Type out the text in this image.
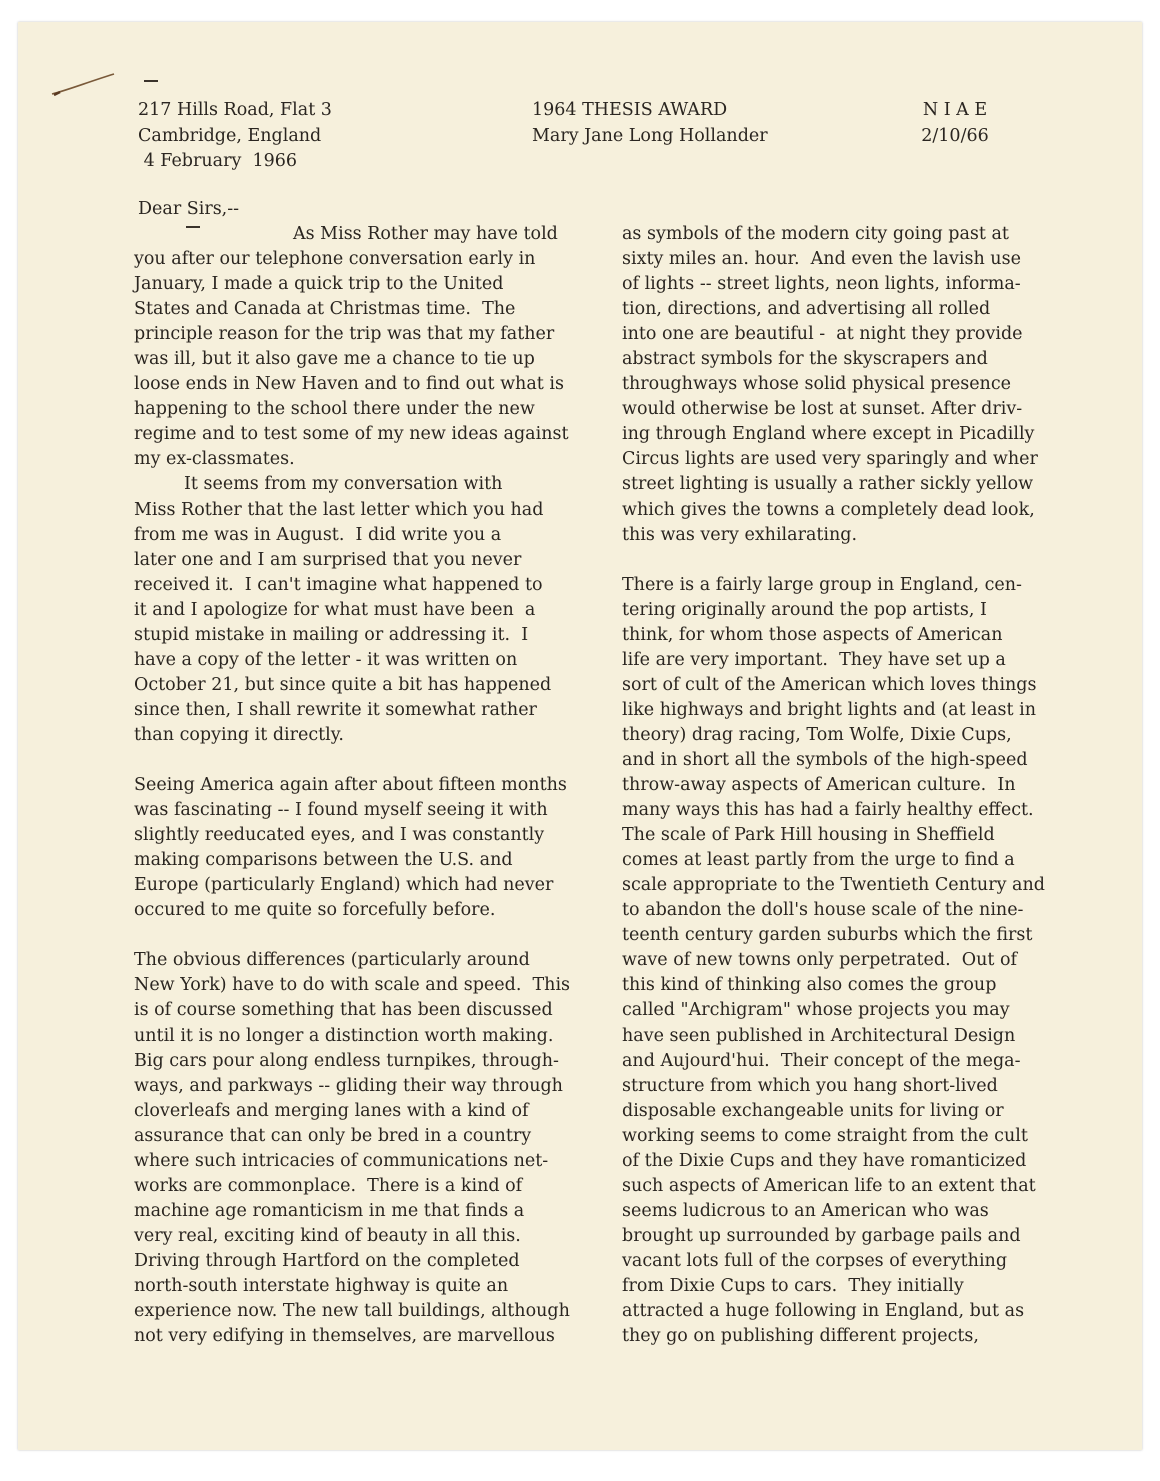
217 Hills Road, Flat 3
Cambridge, England
4 February  1966
1964 THESIS AWARD
Mary Jane Long Hollander
N I A E
2/10/66
Dear Sirs,--
As Miss Rother may have told
you after our telephone conversation early in
January, I made a quick trip to the United
States and Canada at Christmas time.  The
principle reason for the trip was that my father
was ill, but it also gave me a chance to tie up
loose ends in New Haven and to find out what is
happening to the school there under the new
regime and to test some of my new ideas against
my ex-classmates.
It seems from my conversation with
Miss Rother that the last letter which you had
from me was in August.  I did write you a
later one and I am surprised that you never
received it.  I can't imagine what happened to
it and I apologize for what must have been  a
stupid mistake in mailing or addressing it.  I
have a copy of the letter - it was written on
October 21, but since quite a bit has happened
since then, I shall rewrite it somewhat rather
than copying it directly.
Seeing America again after about fifteen months
was fascinating -- I found myself seeing it with
slightly reeducated eyes, and I was constantly
making comparisons between the U.S. and
Europe (particularly England) which had never
occured to me quite so forcefully before.
The obvious differences (particularly around
New York) have to do with scale and speed.  This
is of course something that has been discussed
until it is no longer a distinction worth making.
Big cars pour along endless turnpikes, through-
ways, and parkways -- gliding their way through
cloverleafs and merging lanes with a kind of
assurance that can only be bred in a country
where such intricacies of communications net-
works are commonplace.  There is a kind of
machine age romanticism in me that finds a
very real, exciting kind of beauty in all this.
Driving through Hartford on the completed
north-south interstate highway is quite an
experience now. The new tall buildings, although
not very edifying in themselves, are marvellous
as symbols of the modern city going past at
sixty miles an. hour.  And even the lavish use
of lights -- street lights, neon lights, informa-
tion, directions, and advertising all rolled
into one are beautiful -  at night they provide
abstract symbols for the skyscrapers and
throughways whose solid physical presence
would otherwise be lost at sunset. After driv-
ing through England where except in Picadilly
Circus lights are used very sparingly and wher
street lighting is usually a rather sickly yellow
which gives the towns a completely dead look,
this was very exhilarating.
There is a fairly large group in England, cen-
tering originally around the pop artists, I
think, for whom those aspects of American
life are very important.  They have set up a
sort of cult of the American which loves things
like highways and bright lights and (at least in
theory) drag racing, Tom Wolfe, Dixie Cups,
and in short all the symbols of the high-speed
throw-away aspects of American culture.  In
many ways this has had a fairly healthy effect.
The scale of Park Hill housing in Sheffield
comes at least partly from the urge to find a
scale appropriate to the Twentieth Century and
to abandon the doll's house scale of the nine-
teenth century garden suburbs which the first
wave of new towns only perpetrated.  Out of
this kind of thinking also comes the group
called "Archigram" whose projects you may
have seen published in Architectural Design
and Aujourd'hui.  Their concept of the mega-
structure from which you hang short-lived
disposable exchangeable units for living or
working seems to come straight from the cult
of the Dixie Cups and they have romanticized
such aspects of American life to an extent that
seems ludicrous to an American who was
brought up surrounded by garbage pails and
vacant lots full of the corpses of everything
from Dixie Cups to cars.  They initially
attracted a huge following in England, but as
they go on publishing different projects,
